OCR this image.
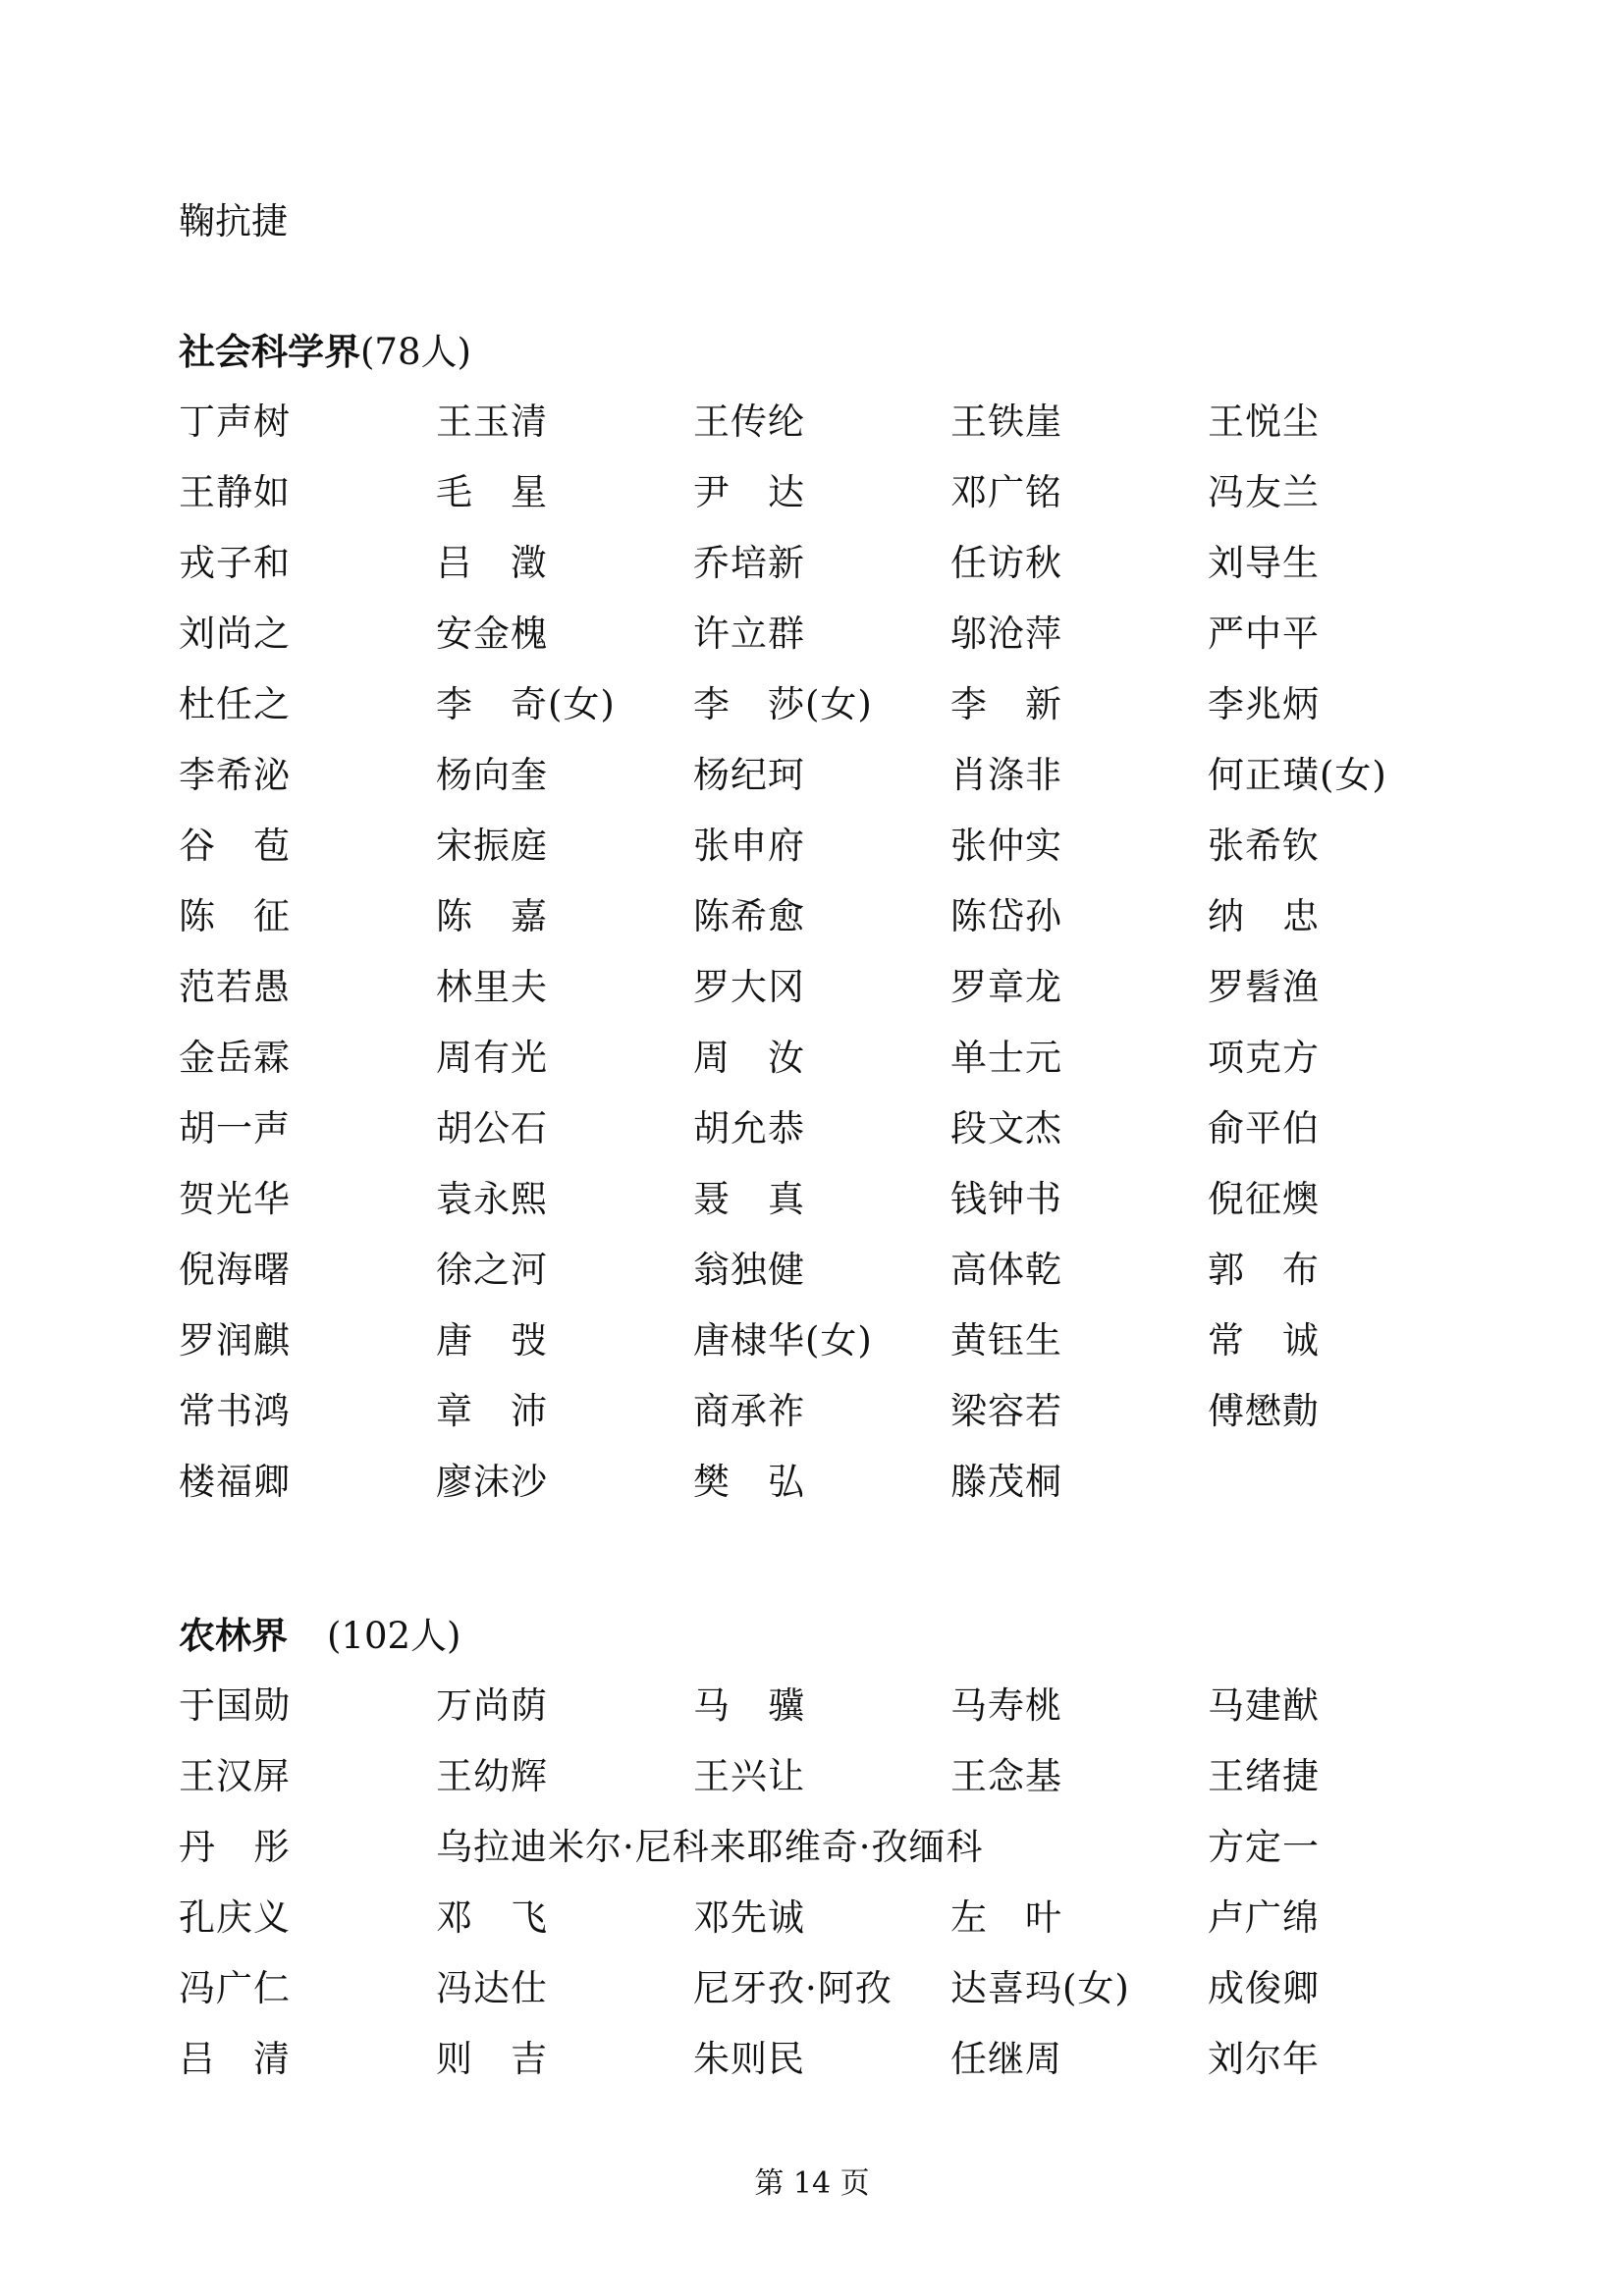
鞠抗捷
社会科学界(78人)
丁声树	王玉清	王传纶	王铁崖	王悦尘
王静如	毛　星	尹　达	邓广铭	冯友兰
戎子和	吕　澂	乔培新	任访秋	刘导生
刘尚之	安金槐	许立群	邬沧萍	严中平
杜任之	李　奇(女)	李　莎(女)	李　新	李兆炳
李希泌	杨向奎	杨纪珂	肖涤非	何正璜(女)
谷　苞	宋振庭	张申府	张仲实	张希钦
陈　征	陈　嘉	陈希愈	陈岱孙	纳　忠
范若愚	林里夫	罗大冈	罗章龙	罗髫渔
金岳霖	周有光	周　汝	单士元	项克方
胡一声	胡公石	胡允恭	段文杰	俞平伯
贺光华	袁永熙	聂　真	钱钟书	倪征燠
倪海曙	徐之河	翁独健	高体乾	郭　布
罗润麒	唐　弢	唐棣华(女)	黄钰生	常　诚
常书鸿	章　沛	商承祚	梁容若	傅懋勣
楼福卿	廖沫沙	樊　弘	滕茂桐
农林界 (102人)
于国勋	万尚荫	马　骥	马寿桃	马建猷
王汉屏	王幼辉	王兴让	王念基	王绪捷
丹　彤	乌拉迪米尔·尼科来耶维奇·孜缅科	方定一
孔庆义	邓　飞	邓先诚	左　叶	卢广绵
冯广仁	冯达仕	尼牙孜·阿孜	达喜玛(女)	成俊卿
吕　清	则　吉	朱则民	任继周	刘尔年
第 14 页
